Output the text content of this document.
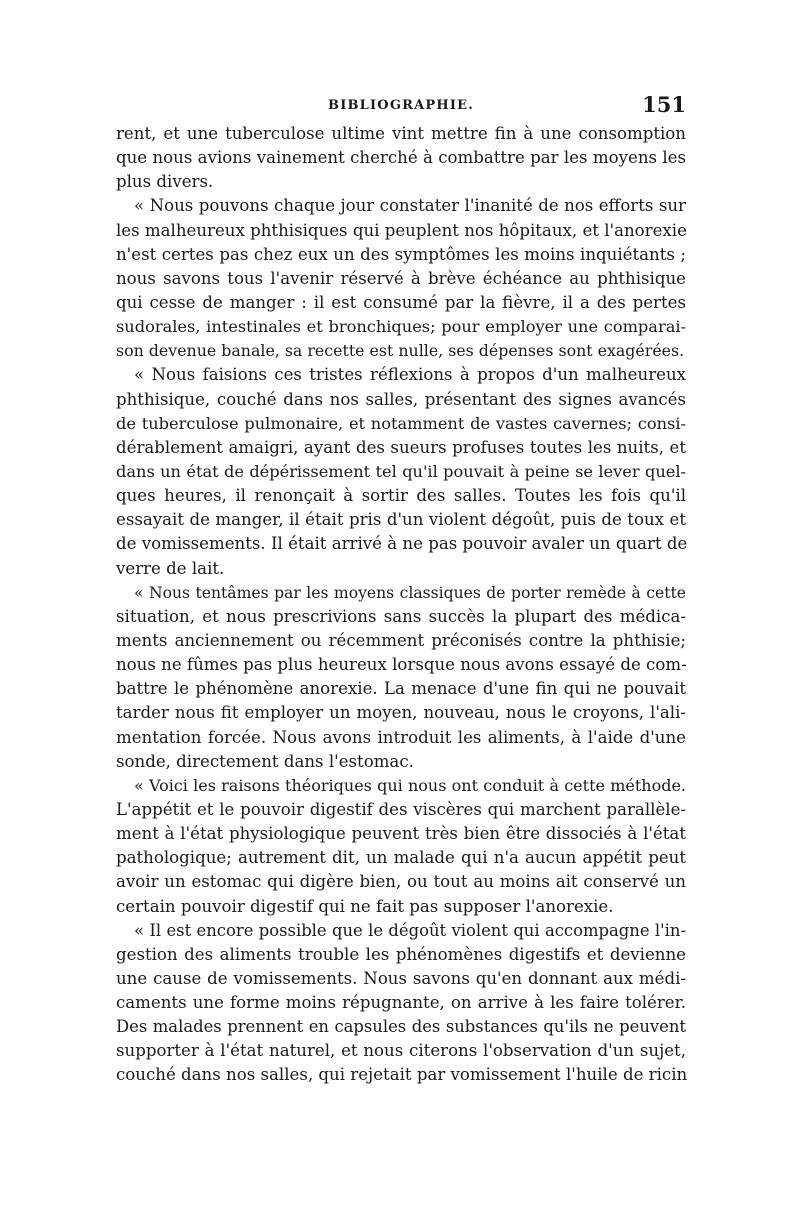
BIBLIOGRAPHIE.	151
rent, et une tuberculose ultime vint mettre fin à une consomption
que nous avions vainement cherché à combattre par les moyens les
plus divers.
« Nous pouvons chaque jour constater l'inanité de nos efforts sur
les malheureux phthisiques qui peuplent nos hôpitaux, et l'anorexie
n'est certes pas chez eux un des symptômes les moins inquiétants ;
nous savons tous l'avenir réservé à brève échéance au phthisique
qui cesse de manger : il est consumé par la fièvre, il a des pertes
sudorales, intestinales et bronchiques; pour employer une comparai-
son devenue banale, sa recette est nulle, ses dépenses sont exagérées.
« Nous faisions ces tristes réflexions à propos d'un malheureux
phthisique, couché dans nos salles, présentant des signes avancés
de tuberculose pulmonaire, et notamment de vastes cavernes; consi-
dérablement amaigri, ayant des sueurs profuses toutes les nuits, et
dans un état de dépérissement tel qu'il pouvait à peine se lever quel-
ques heures, il renonçait à sortir des salles. Toutes les fois qu'il
essayait de manger, il était pris d'un violent dégoût, puis de toux et
de vomissements. Il était arrivé à ne pas pouvoir avaler un quart de
verre de lait.
« Nous tentâmes par les moyens classiques de porter remède à cette
situation, et nous prescrivions sans succès la plupart des médica-
ments anciennement ou récemment préconisés contre la phthisie;
nous ne fûmes pas plus heureux lorsque nous avons essayé de com-
battre le phénomène anorexie. La menace d'une fin qui ne pouvait
tarder nous fit employer un moyen, nouveau, nous le croyons, l'ali-
mentation forcée. Nous avons introduit les aliments, à l'aide d'une
sonde, directement dans l'estomac.
« Voici les raisons théoriques qui nous ont conduit à cette méthode.
L'appétit et le pouvoir digestif des viscères qui marchent parallèle-
ment à l'état physiologique peuvent très bien être dissociés à l'état
pathologique; autrement dit, un malade qui n'a aucun appétit peut
avoir un estomac qui digère bien, ou tout au moins ait conservé un
certain pouvoir digestif qui ne fait pas supposer l'anorexie.
« Il est encore possible que le dégoût violent qui accompagne l'in-
gestion des aliments trouble les phénomènes digestifs et devienne
une cause de vomissements. Nous savons qu'en donnant aux médi-
caments une forme moins répugnante, on arrive à les faire tolérer.
Des malades prennent en capsules des substances qu'ils ne peuvent
supporter à l'état naturel, et nous citerons l'observation d'un sujet,
couché dans nos salles, qui rejetait par vomissement l'huile de ricin
